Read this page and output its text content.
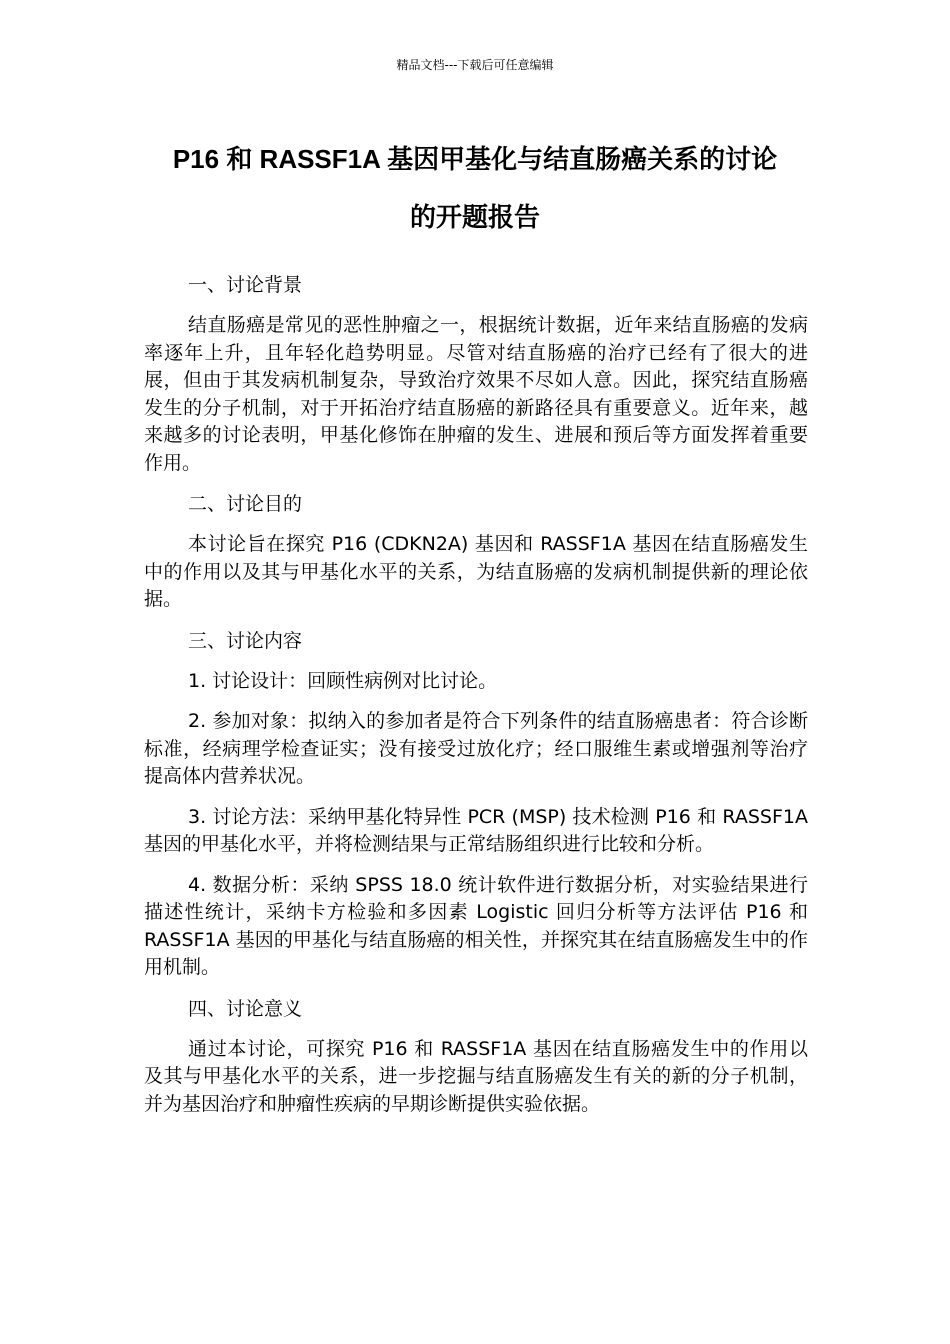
精品文档---下载后可任意编辑
P16 和 RASSF1A 基因甲基化与结直肠癌关系的讨论
的开题报告

一、讨论背景

结直肠癌是常见的恶性肿瘤之一，根据统计数据，近年来结直肠癌的发病率逐年上升，且年轻化趋势明显。尽管对结直肠癌的治疗已经有了很大的进展，但由于其发病机制复杂，导致治疗效果不尽如人意。因此，探究结直肠癌发生的分子机制，对于开拓治疗结直肠癌的新路径具有重要意义。近年来，越来越多的讨论表明，甲基化修饰在肿瘤的发生、进展和预后等方面发挥着重要作用。

二、讨论目的

本讨论旨在探究 P16 (CDKN2A) 基因和 RASSF1A 基因在结直肠癌发生中的作用以及其与甲基化水平的关系，为结直肠癌的发病机制提供新的理论依据。

三、讨论内容

1. 讨论设计：回顾性病例对比讨论。

2. 参加对象：拟纳入的参加者是符合下列条件的结直肠癌患者：符合诊断标准，经病理学检查证实；没有接受过放化疗；经口服维生素或增强剂等治疗提高体内营养状况。

3. 讨论方法：采纳甲基化特异性 PCR (MSP) 技术检测 P16 和 RASSF1A 基因的甲基化水平，并将检测结果与正常结肠组织进行比较和分析。

4. 数据分析：采纳 SPSS 18.0 统计软件进行数据分析，对实验结果进行描述性统计，采纳卡方检验和多因素 Logistic 回归分析等方法评估 P16 和 RASSF1A 基因的甲基化与结直肠癌的相关性，并探究其在结直肠癌发生中的作用机制。

四、讨论意义

通过本讨论，可探究 P16 和 RASSF1A 基因在结直肠癌发生中的作用以及其与甲基化水平的关系，进一步挖掘与结直肠癌发生有关的新的分子机制，并为基因治疗和肿瘤性疾病的早期诊断提供实验依据。
